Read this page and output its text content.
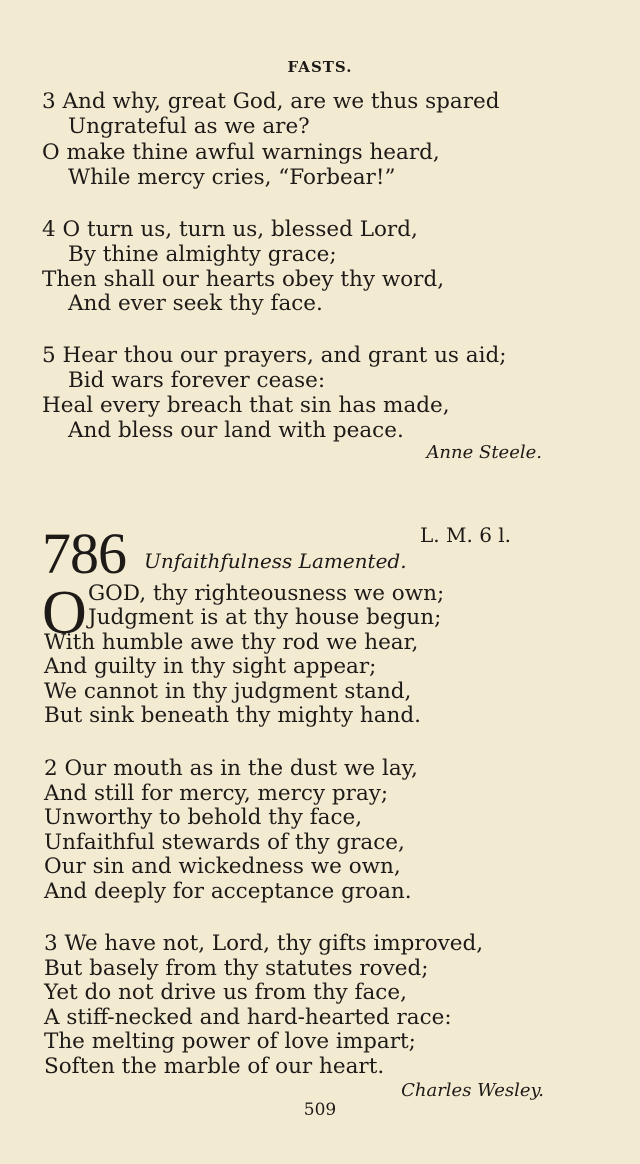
FASTS.
3 And why, great God, are we thus spared
Ungrateful as we are?
O make thine awful warnings heard,
While mercy cries, “Forbear!”
4 O turn us, turn us, blessed Lord,
By thine almighty grace;
Then shall our hearts obey thy word,
And ever seek thy face.
5 Hear thou our prayers, and grant us aid;
Bid wars forever cease:
Heal every breach that sin has made,
And bless our land with peace.
Anne Steele.
786	L. M. 6 l.
Unfaithfulness Lamented.
O GOD, thy righteousness we own;
Judgment is at thy house begun;
With humble awe thy rod we hear,
And guilty in thy sight appear;
We cannot in thy judgment stand,
But sink beneath thy mighty hand.
2 Our mouth as in the dust we lay,
And still for mercy, mercy pray;
Unworthy to behold thy face,
Unfaithful stewards of thy grace,
Our sin and wickedness we own,
And deeply for acceptance groan.
3 We have not, Lord, thy gifts improved,
But basely from thy statutes roved;
Yet do not drive us from thy face,
A stiff-necked and hard-hearted race:
The melting power of love impart;
Soften the marble of our heart.
Charles Wesley.
509
